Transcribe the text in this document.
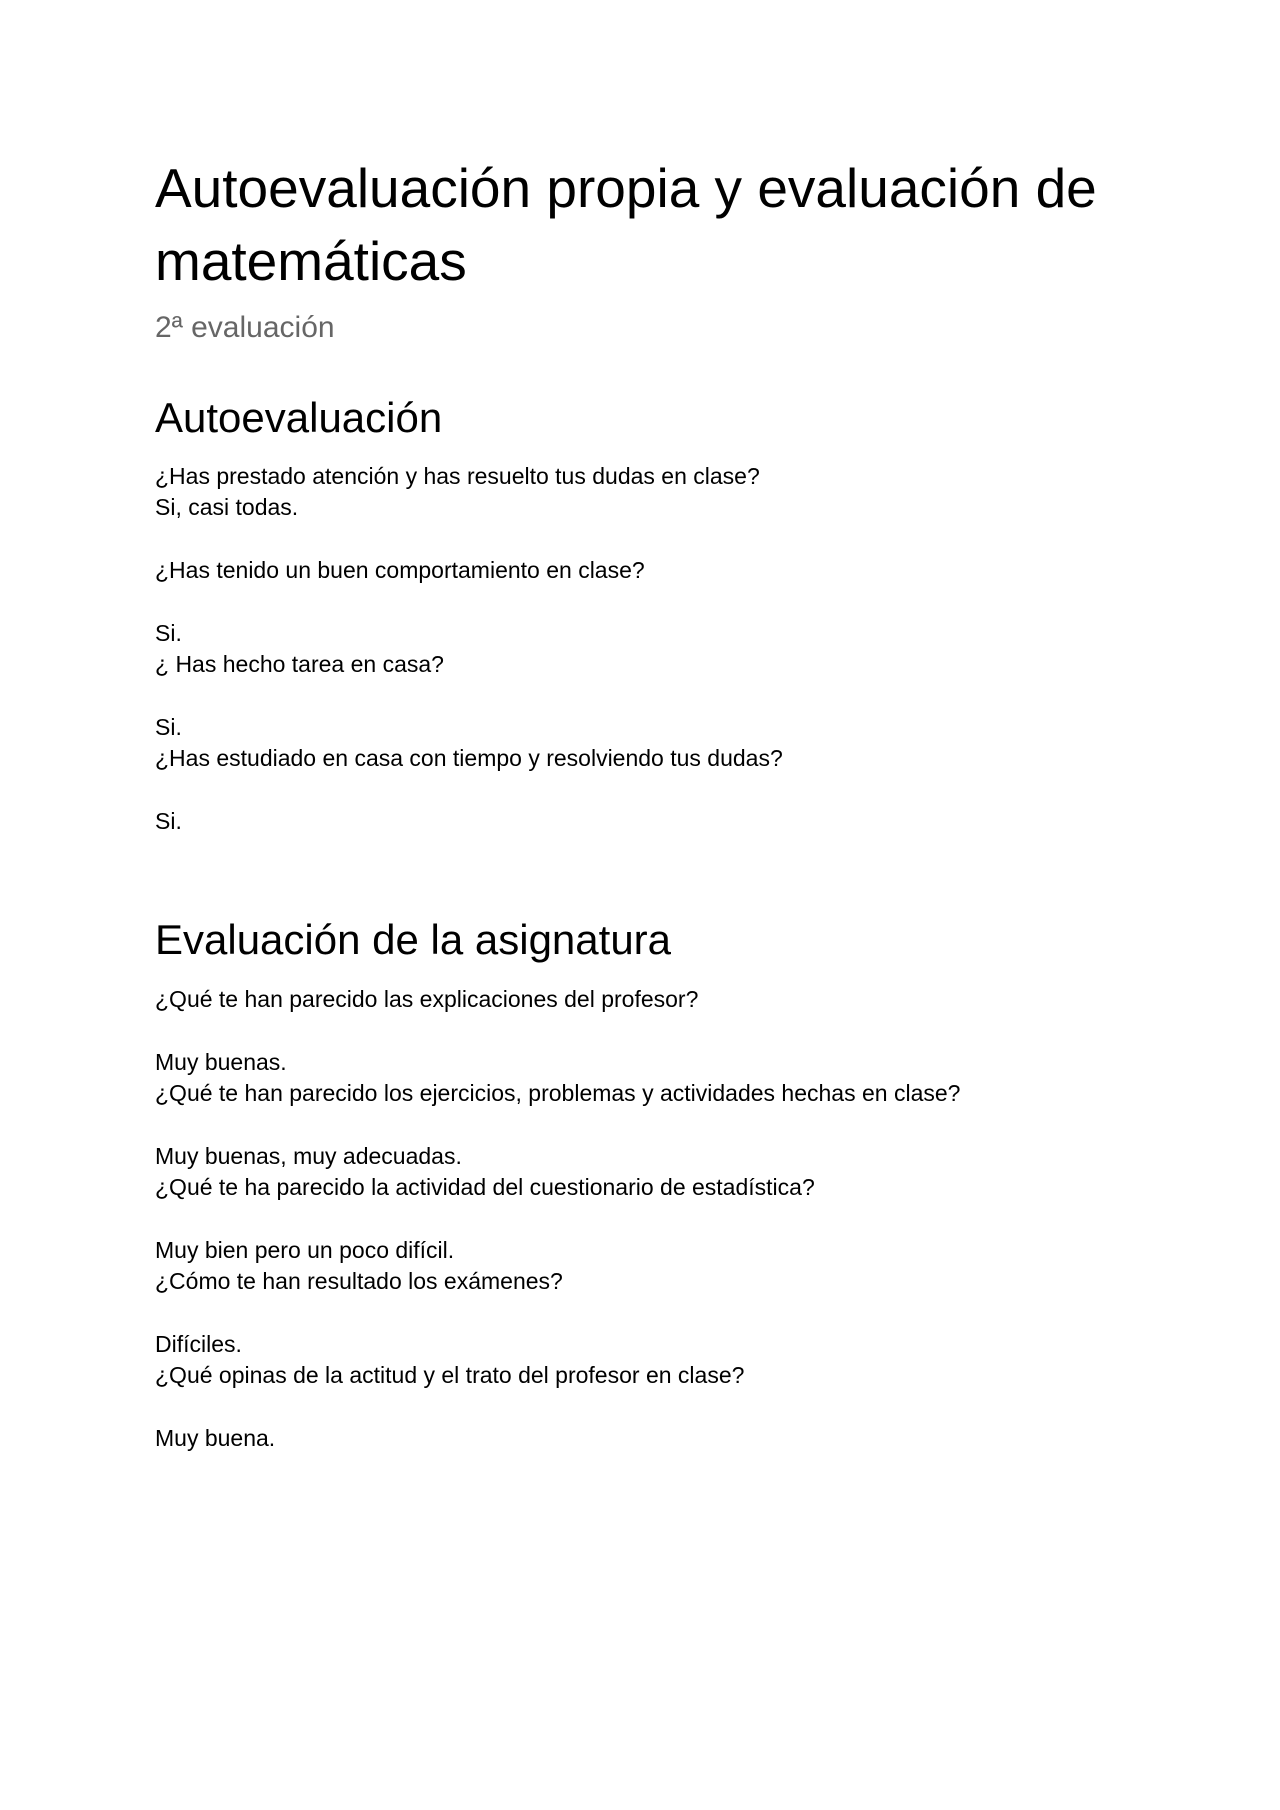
Autoevaluación propia y evaluación de matemáticas
2ª evaluación
Autoevaluación
¿Has prestado atención y has resuelto tus dudas en clase?
Si, casi todas.
¿Has tenido un buen comportamiento en clase?
Si.
¿ Has hecho tarea en casa?
Si.
¿Has estudiado en casa con tiempo y resolviendo tus dudas?
Si.
Evaluación de la asignatura
¿Qué te han parecido las explicaciones del profesor?
Muy buenas.
¿Qué te han parecido los ejercicios, problemas y actividades hechas en clase?
Muy buenas, muy adecuadas.
¿Qué te ha parecido la actividad del cuestionario de estadística?
Muy bien pero un poco difícil.
¿Cómo te han resultado los exámenes?
Difíciles.
¿Qué opinas de la actitud y el trato del profesor en clase?
Muy buena.
